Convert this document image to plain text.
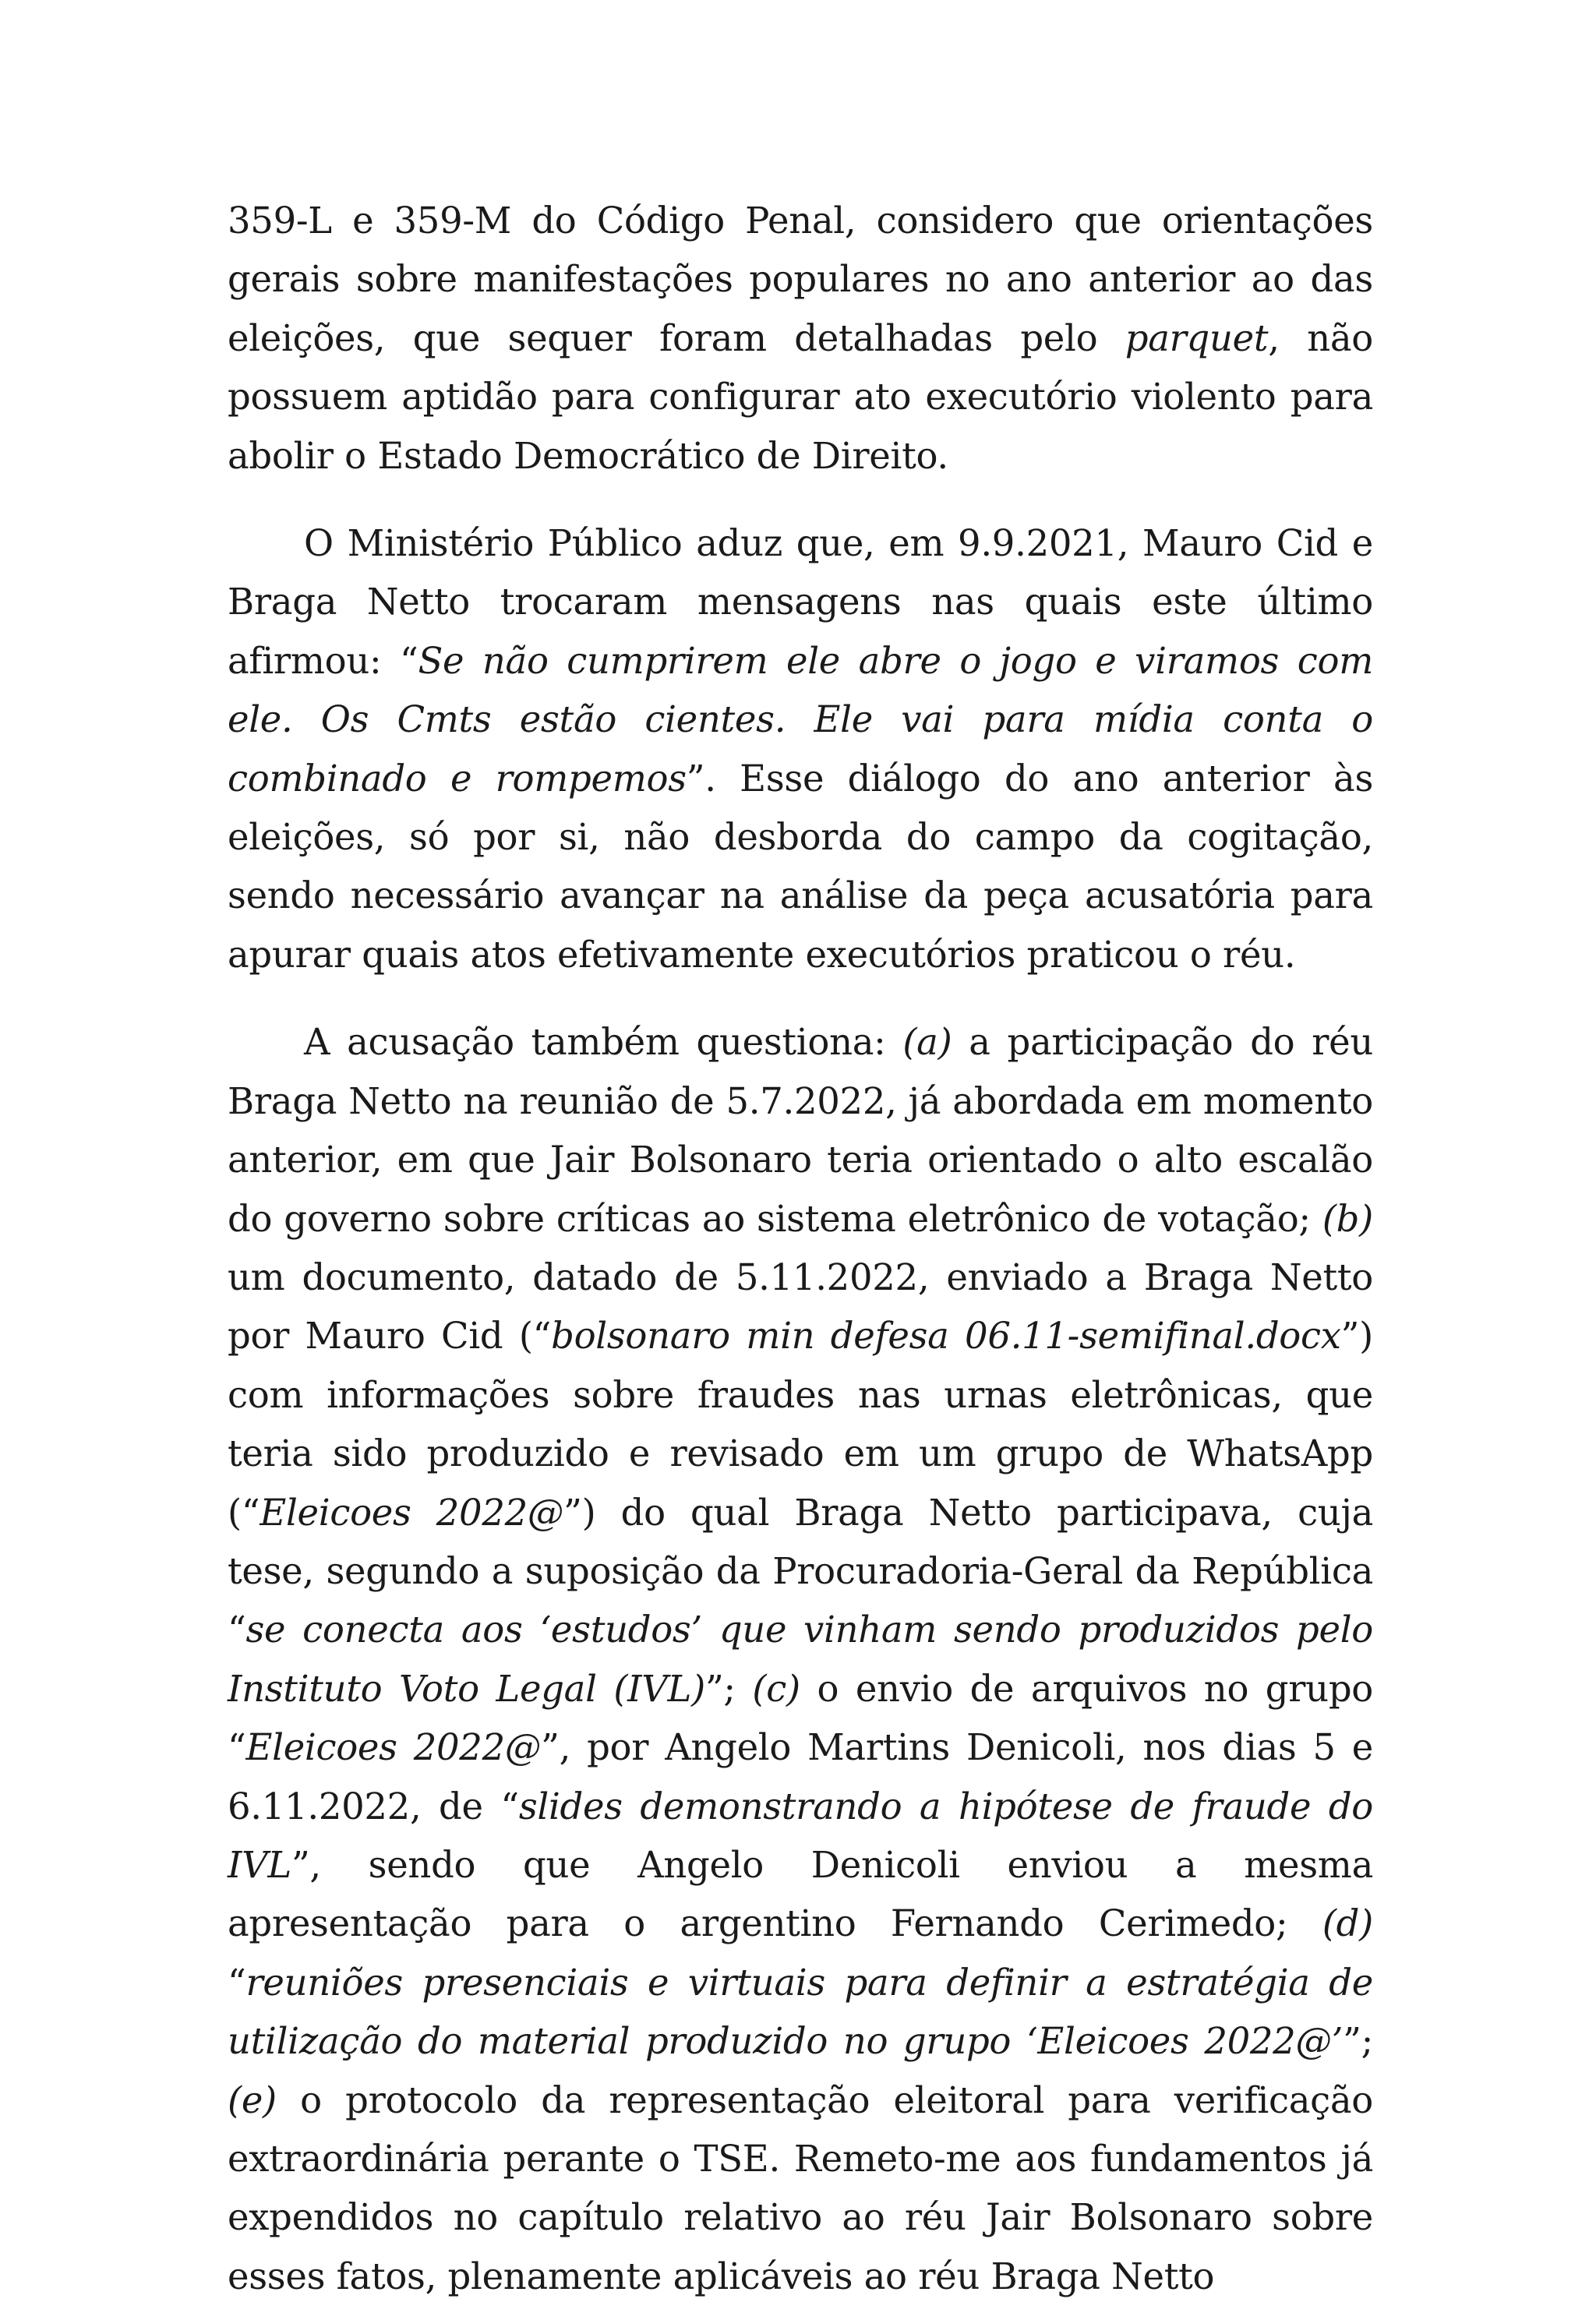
359-L e 359-M do Código Penal, considero que orientações gerais sobre manifestações populares no ano anterior ao das eleições, que sequer foram detalhadas pelo parquet, não possuem aptidão para configurar ato executório violento para abolir o Estado Democrático de Direito.

O Ministério Público aduz que, em 9.9.2021, Mauro Cid e Braga Netto trocaram mensagens nas quais este último afirmou: “Se não cumprirem ele abre o jogo e viramos com ele. Os Cmts estão cientes. Ele vai para mídia conta o combinado e rompemos”. Esse diálogo do ano anterior às eleições, só por si, não desborda do campo da cogitação, sendo necessário avançar na análise da peça acusatória para apurar quais atos efetivamente executórios praticou o réu.

A acusação também questiona: (a) a participação do réu Braga Netto na reunião de 5.7.2022, já abordada em momento anterior, em que Jair Bolsonaro teria orientado o alto escalão do governo sobre críticas ao sistema eletrônico de votação; (b) um documento, datado de 5.11.2022, enviado a Braga Netto por Mauro Cid (“bolsonaro min defesa 06.11-semifinal.docx”) com informações sobre fraudes nas urnas eletrônicas, que teria sido produzido e revisado em um grupo de WhatsApp (“Eleicoes 2022@”) do qual Braga Netto participava, cuja tese, segundo a suposição da Procuradoria-Geral da República “se conecta aos ‘estudos’ que vinham sendo produzidos pelo Instituto Voto Legal (IVL)”; (c) o envio de arquivos no grupo “Eleicoes 2022@”, por Angelo Martins Denicoli, nos dias 5 e 6.11.2022, de “slides demonstrando a hipótese de fraude do IVL”, sendo que Angelo Denicoli enviou a mesma apresentação para o argentino Fernando Cerimedo; (d) “reuniões presenciais e virtuais para definir a estratégia de utilização do material produzido no grupo ‘Eleicoes 2022@’”; (e) o protocolo da representação eleitoral para verificação extraordinária perante o TSE. Remeto-me aos fundamentos já expendidos no capítulo relativo ao réu Jair Bolsonaro sobre esses fatos, plenamente aplicáveis ao réu Braga Netto
